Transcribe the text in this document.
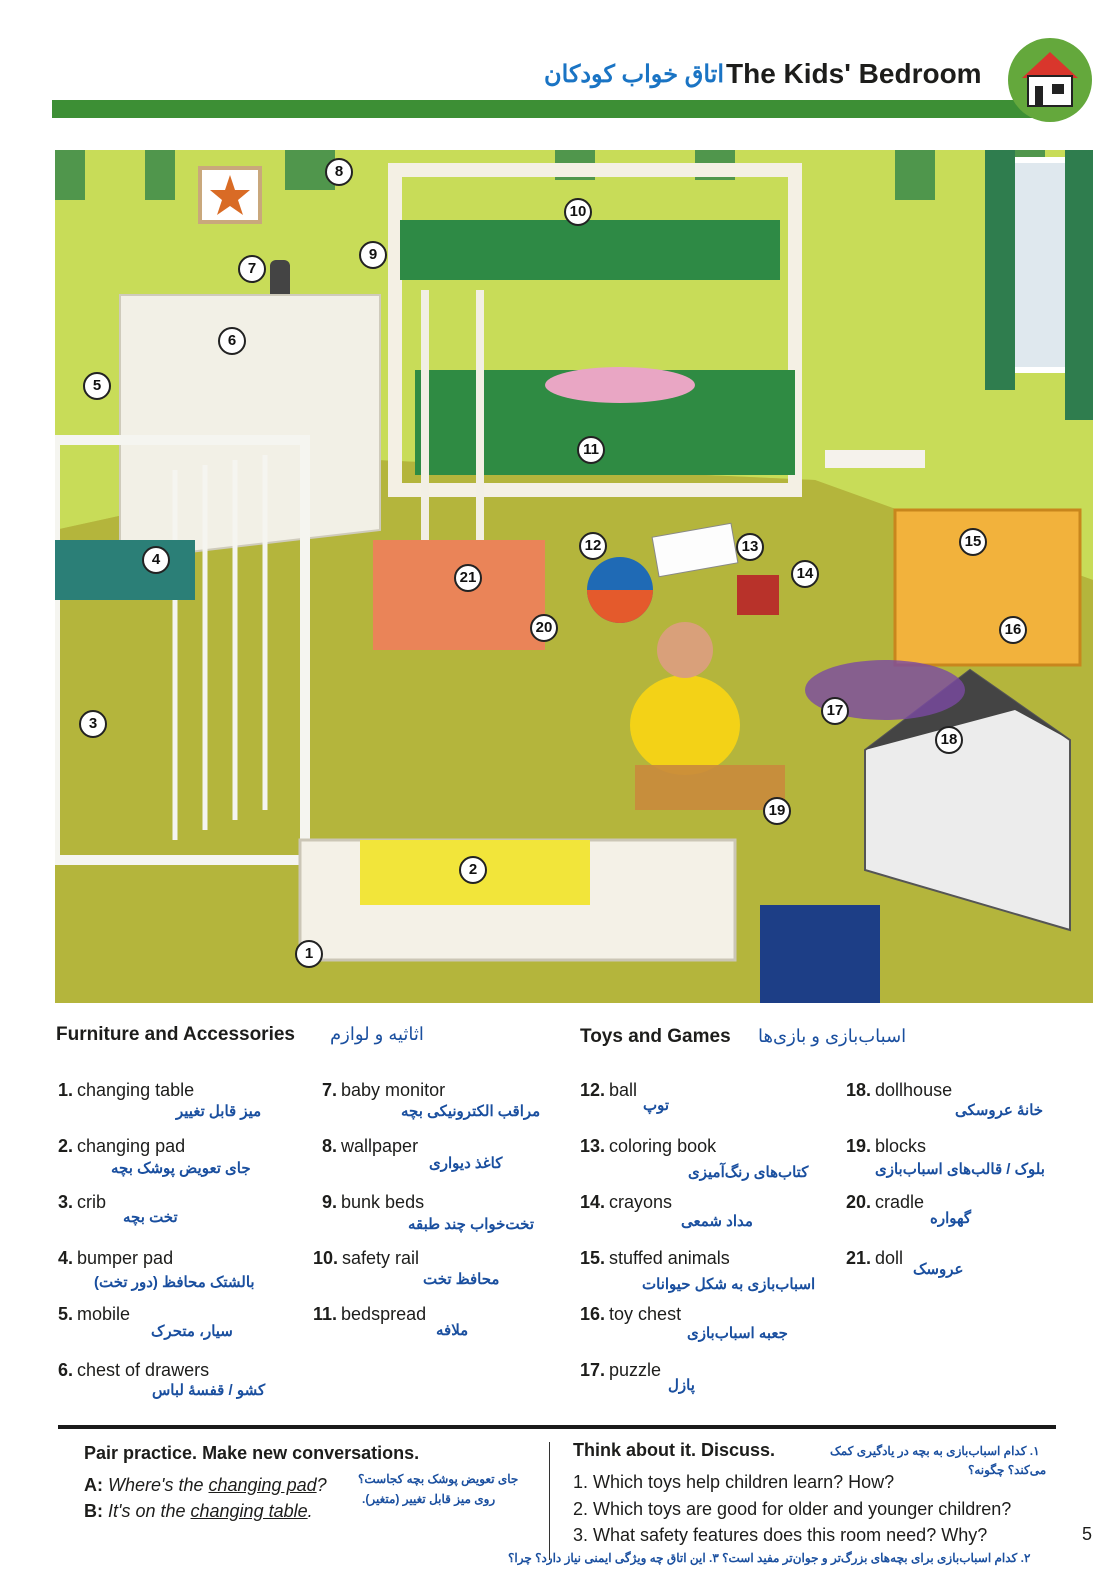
اتاق خواب کودکان The Kids' Bedroom
1
2
3
4
5
6
7
8
9
10
11
12	13
14
15
16
17
18
19
20
21
Furniture and Accessories اثاثیه و لوازم	Toys and Games اسباب‌بازی و بازی‌ها
1. changing table
میز قابل تغییر
2. changing pad
جای تعویض پوشک بچه
3. crib
تخت بچه
4. bumper pad
بالشتک محافظ (دور تخت)
5. mobile
سیار، متحرک
6. chest of drawers
کشو / قفسهٔ لباس
7. baby monitor
مراقب الکترونیکی بچه
8. wallpaper
کاغذ دیواری
9. bunk beds
تخت‌خواب چند طبقه
10. safety rail
محافظ تخت
11. bedspread
ملافه
12. ball
توپ
13. coloring book
کتاب‌های رنگ‌آمیزی
14. crayons
مداد شمعی
15. stuffed animals
اسباب‌بازی به شکل حیوانات
16. toy chest
جعبه اسباب‌بازی
17. puzzle
پازل
18. dollhouse
خانهٔ عروسکی
19. blocks
بلوک / قالب‌های اسباب‌بازی
20. cradle
گهواره
21. doll
عروسک
Pair practice. Make new conversations.
A: Where's the changing pad?
B: It's on the changing table.
جای تعویض پوشک بچه کجاست؟
روی میز قابل تغییر (متغیر).
Think about it. Discuss.	۱. کدام اسباب‌بازی به بچه در یادگیری کمک
می‌کند؟ چگونه؟
1. Which toys help children learn? How?
2. Which toys are good for older and younger children?
3. What safety features does this room need? Why?
۲. کدام اسباب‌بازی برای بچه‌های بزرگ‌تر و جوان‌تر مفید است؟ ۳. این اتاق چه ویژگی ایمنی نیاز دارد؟ چرا؟
5
